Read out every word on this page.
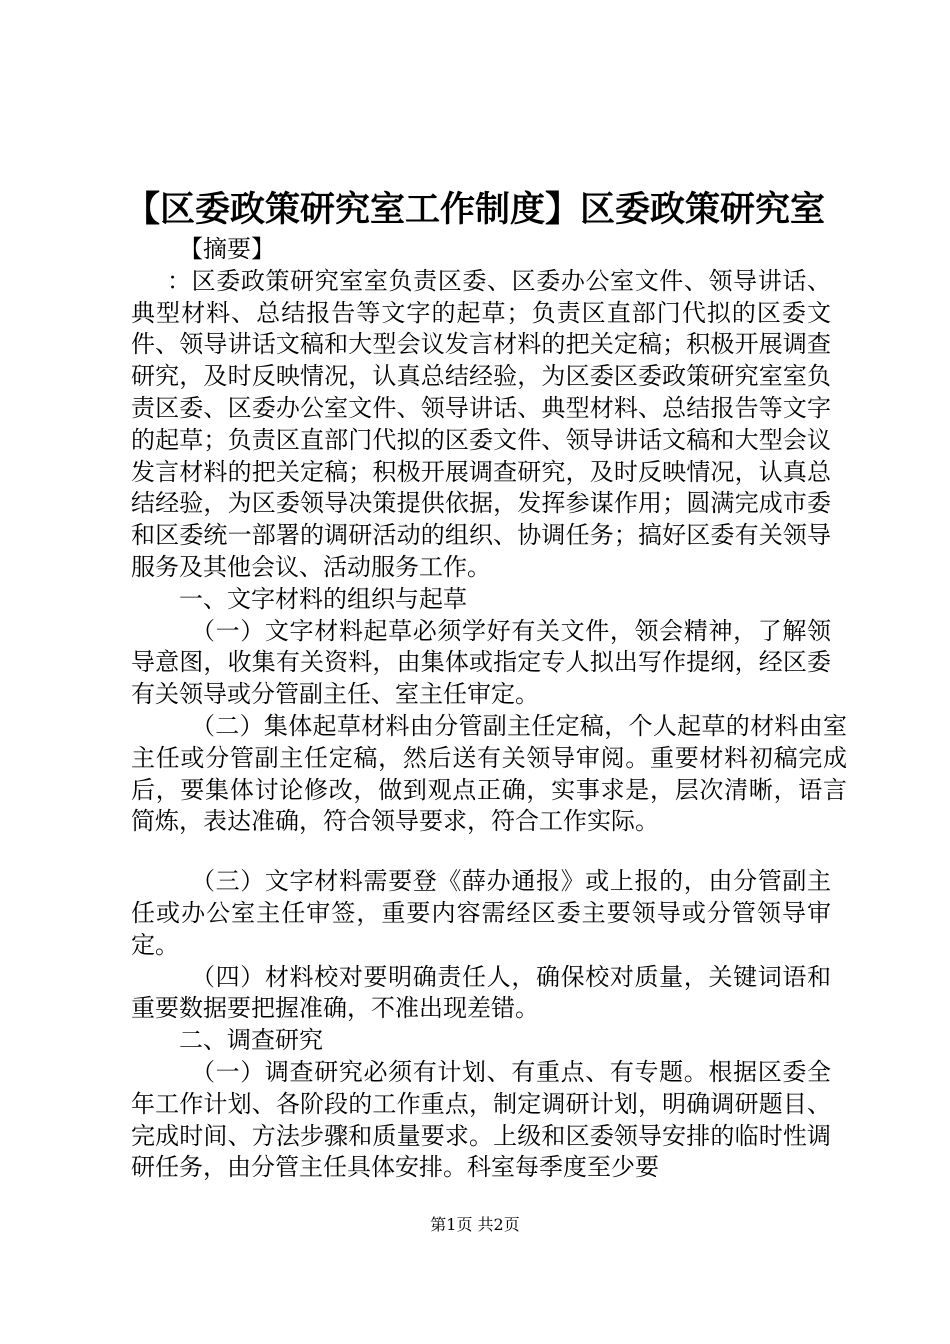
【区委政策研究室工作制度】区委政策研究室

【摘要】

：区委政策研究室室负责区委、区委办公室文件、领导讲话、典型材料、总结报告等文字的起草；负责区直部门代拟的区委文件、领导讲话文稿和大型会议发言材料的把关定稿；积极开展调查研究，及时反映情况，认真总结经验，为区委区委政策研究室室负责区委、区委办公室文件、领导讲话、典型材料、总结报告等文字的起草；负责区直部门代拟的区委文件、领导讲话文稿和大型会议发言材料的把关定稿；积极开展调查研究，及时反映情况，认真总结经验，为区委领导决策提供依据，发挥参谋作用；圆满完成市委和区委统一部署的调研活动的组织、协调任务；搞好区委有关领导服务及其他会议、活动服务工作。

一、文字材料的组织与起草

（一）文字材料起草必须学好有关文件，领会精神，了解领导意图，收集有关资料，由集体或指定专人拟出写作提纲，经区委有关领导或分管副主任、室主任审定。

（二）集体起草材料由分管副主任定稿，个人起草的材料由室主任或分管副主任定稿，然后送有关领导审阅。重要材料初稿完成后，要集体讨论修改，做到观点正确，实事求是，层次清晰，语言简炼，表达准确，符合领导要求，符合工作实际。

（三）文字材料需要登《薛办通报》或上报的，由分管副主任或办公室主任审签，重要内容需经区委主要领导或分管领导审定。

（四）材料校对要明确责任人，确保校对质量，关键词语和重要数据要把握准确，不准出现差错。

二、调查研究

（一）调查研究必须有计划、有重点、有专题。根据区委全年工作计划、各阶段的工作重点，制定调研计划，明确调研题目、完成时间、方法步骤和质量要求。上级和区委领导安排的临时性调研任务，由分管主任具体安排。科室每季度至少要

第1页 共2页
